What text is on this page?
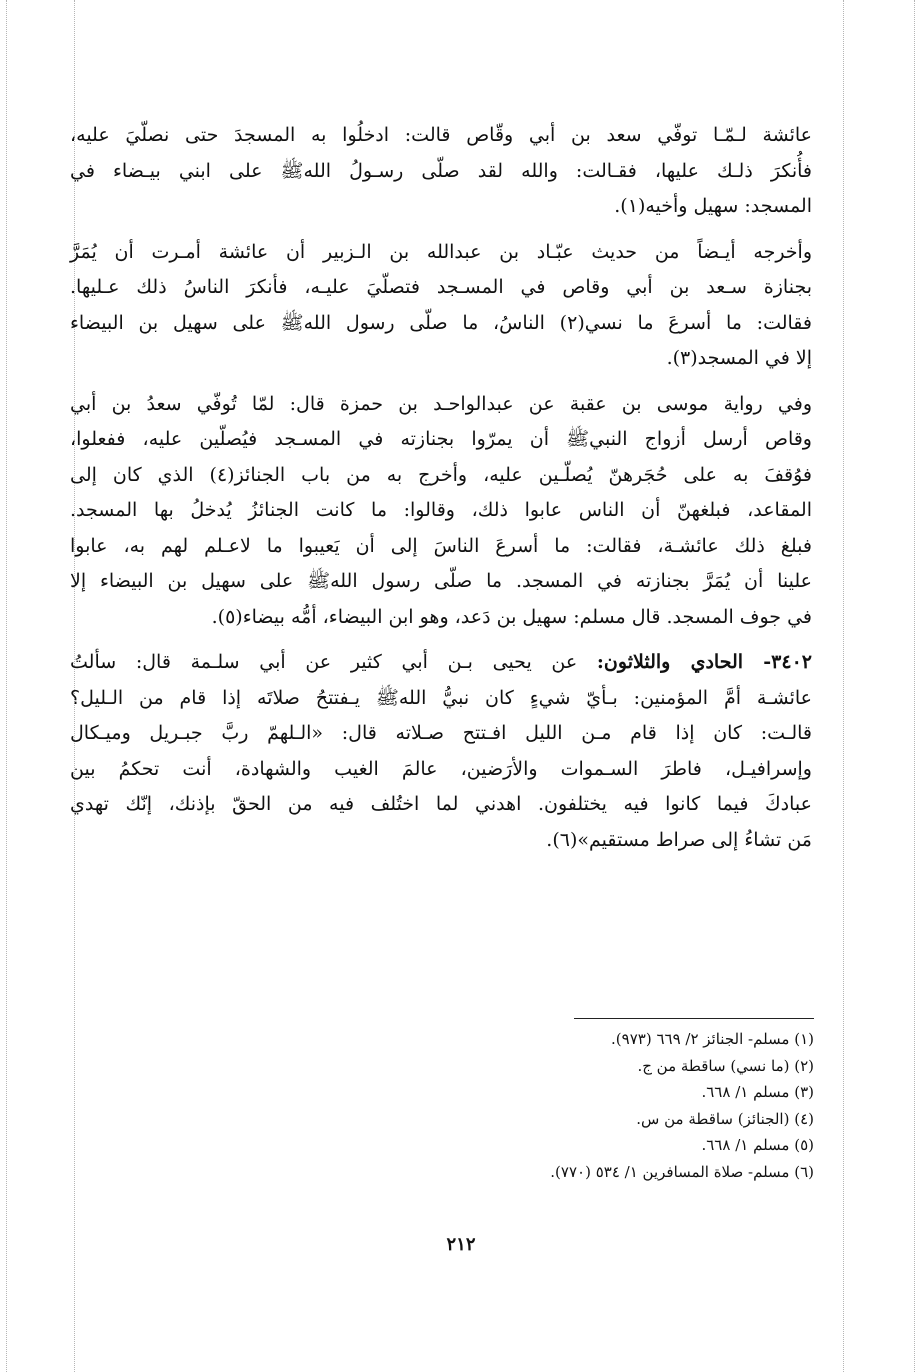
عائشة لـمّـا توفّي سعد بن أبي وقّاص قالت: ادخلُوا به المسجدَ حتى نصلّيَ عليه،
فأُنكرَ ذلـك عليها، فقـالت: والله لقد صلّى رسـولُ اللهﷺ على ابني بيـضاء في
المسجد: سهيل وأخيه(١).

وأخرجه أيـضاً من حديث عبّـاد بن عبدالله بن الـزبير أن عائشة أمـرت أن يُمَرَّ
بجنازة سـعد بن أبي وقاص في المسـجد فتصلّيَ عليـه، فأنكرَ الناسُ ذلك عـليها.
فقالت: ما أسرعَ ما نسي(٢) الناسُ، ما صلّى رسول اللهﷺ على سهيل بن البيضاء
إلا في المسجد(٣).

وفي رواية موسى بن عقبة عن عبدالواحـد بن حمزة قال: لمّا تُوفّي سعدُ بن أبي
وقاص أرسل أزواج النبيﷺ أن يمرّوا بجنازته في المسـجد فيُصلّين عليه، ففعلوا،
فوُقفَ به على حُجَرهنّ يُصلّـين عليه، وأخرج به من باب الجنائز(٤) الذي كان إلى
المقاعد، فبلغهنّ أن الناس عابوا ذلك، وقالوا: ما كانت الجنائزُ يُدخلُ بها المسجد.
فبلغ ذلك عائشـة، فقالت: ما أسرعَ الناسَ إلى أن يَعيبوا ما لاعـلم لهم به، عابوا
علينا أن يُمَرَّ بجنازته في المسجد. ما صلّى رسول اللهﷺ على سهيل بن البيضاء إلا
في جوف المسجد. قال مسلم: سهيل بن دَعد، وهو ابن البيضاء، أمُّه بيضاء(٥).

٣٤٠٢- الحادي والثلاثون: عن يحيى بـن أبي كثير عن أبي سلـمة قال: سألتُ
عائشـة أمَّ المؤمنين: بـأيّ شيءٍ كان نبيُّ اللهﷺ يـفتتحُ صلاتَه إذا قام من الـليل؟
قالـت: كان إذا قام مـن الليل افـتتح صـلاته قال: «الـلهمّ ربَّ جبـريل وميـكال
وإسرافيـل، فاطرَ السـموات والأرَضين، عالمَ الغيب والشهادة، أنت تحكمُ بين
عبادكَ فيما كانوا فيه يختلفون. اهدني لما اختُلف فيه من الحقّ بإذنك، إنّك تهدي
مَن تشاءُ إلى صراط مستقيم»(٦).

(١) مسلم- الجنائز ٢/ ٦٦٩ (٩٧٣).
(٢) (ما نسي) ساقطة من ج.
(٣) مسلم ١/ ٦٦٨.
(٤) (الجنائز) ساقطة من س.
(٥) مسلم ١/ ٦٦٨.
(٦) مسلم- صلاة المسافرين ١/ ٥٣٤ (٧٧٠).
٢١٢
